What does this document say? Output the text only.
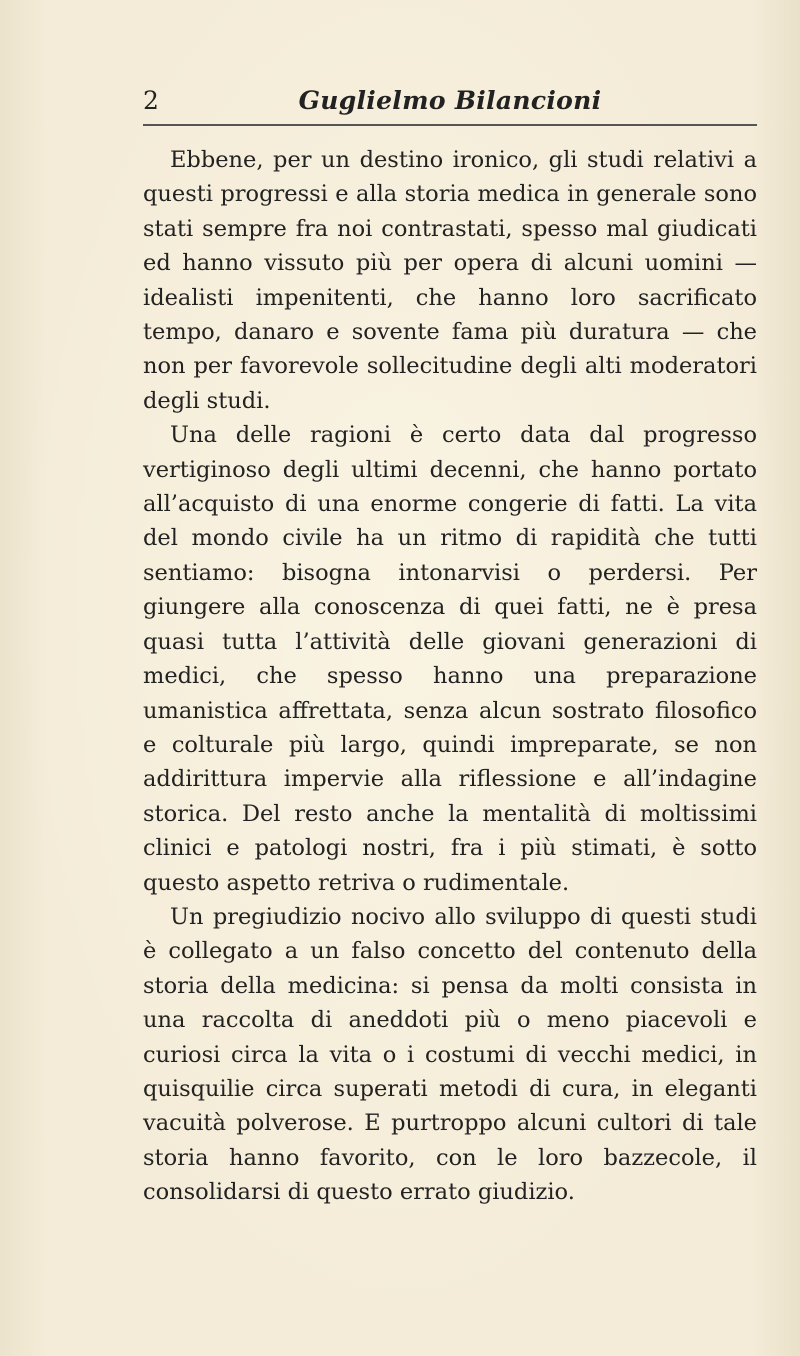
2	Guglielmo Bilancioni

Ebbene, per un destino ironico, gli studi relativi a questi progressi e alla storia medica in generale sono stati sempre fra noi contrastati, spesso mal giudicati ed hanno vissuto più per opera di alcuni uomini — idealisti impenitenti, che hanno loro sacrificato tempo, danaro e sovente fama più duratura — che non per favorevole sollecitudine degli alti moderatori degli studi.

Una delle ragioni è certo data dal progresso vertiginoso degli ultimi decenni, che hanno portato all’acquisto di una enorme congerie di fatti. La vita del mondo civile ha un ritmo di rapidità che tutti sentiamo: bisogna intonarvisi o perdersi. Per giungere alla conoscenza di quei fatti, ne è presa quasi tutta l’attività delle giovani generazioni di medici, che spesso hanno una preparazione umanistica affrettata, senza alcun sostrato filosofico e colturale più largo, quindi impreparate, se non addirittura impervie alla riflessione e all’indagine storica. Del resto anche la mentalità di moltissimi clinici e patologi nostri, fra i più stimati, è sotto questo aspetto retriva o rudimentale.

Un pregiudizio nocivo allo sviluppo di questi studi è collegato a un falso concetto del contenuto della storia della medicina: si pensa da molti consista in una raccolta di aneddoti più o meno piacevoli e curiosi circa la vita o i costumi di vecchi medici, in quisquilie circa superati metodi di cura, in eleganti vacuità polverose. E purtroppo alcuni cultori di tale storia hanno favorito, con le loro bazzecole, il consolidarsi di questo errato giudizio.
